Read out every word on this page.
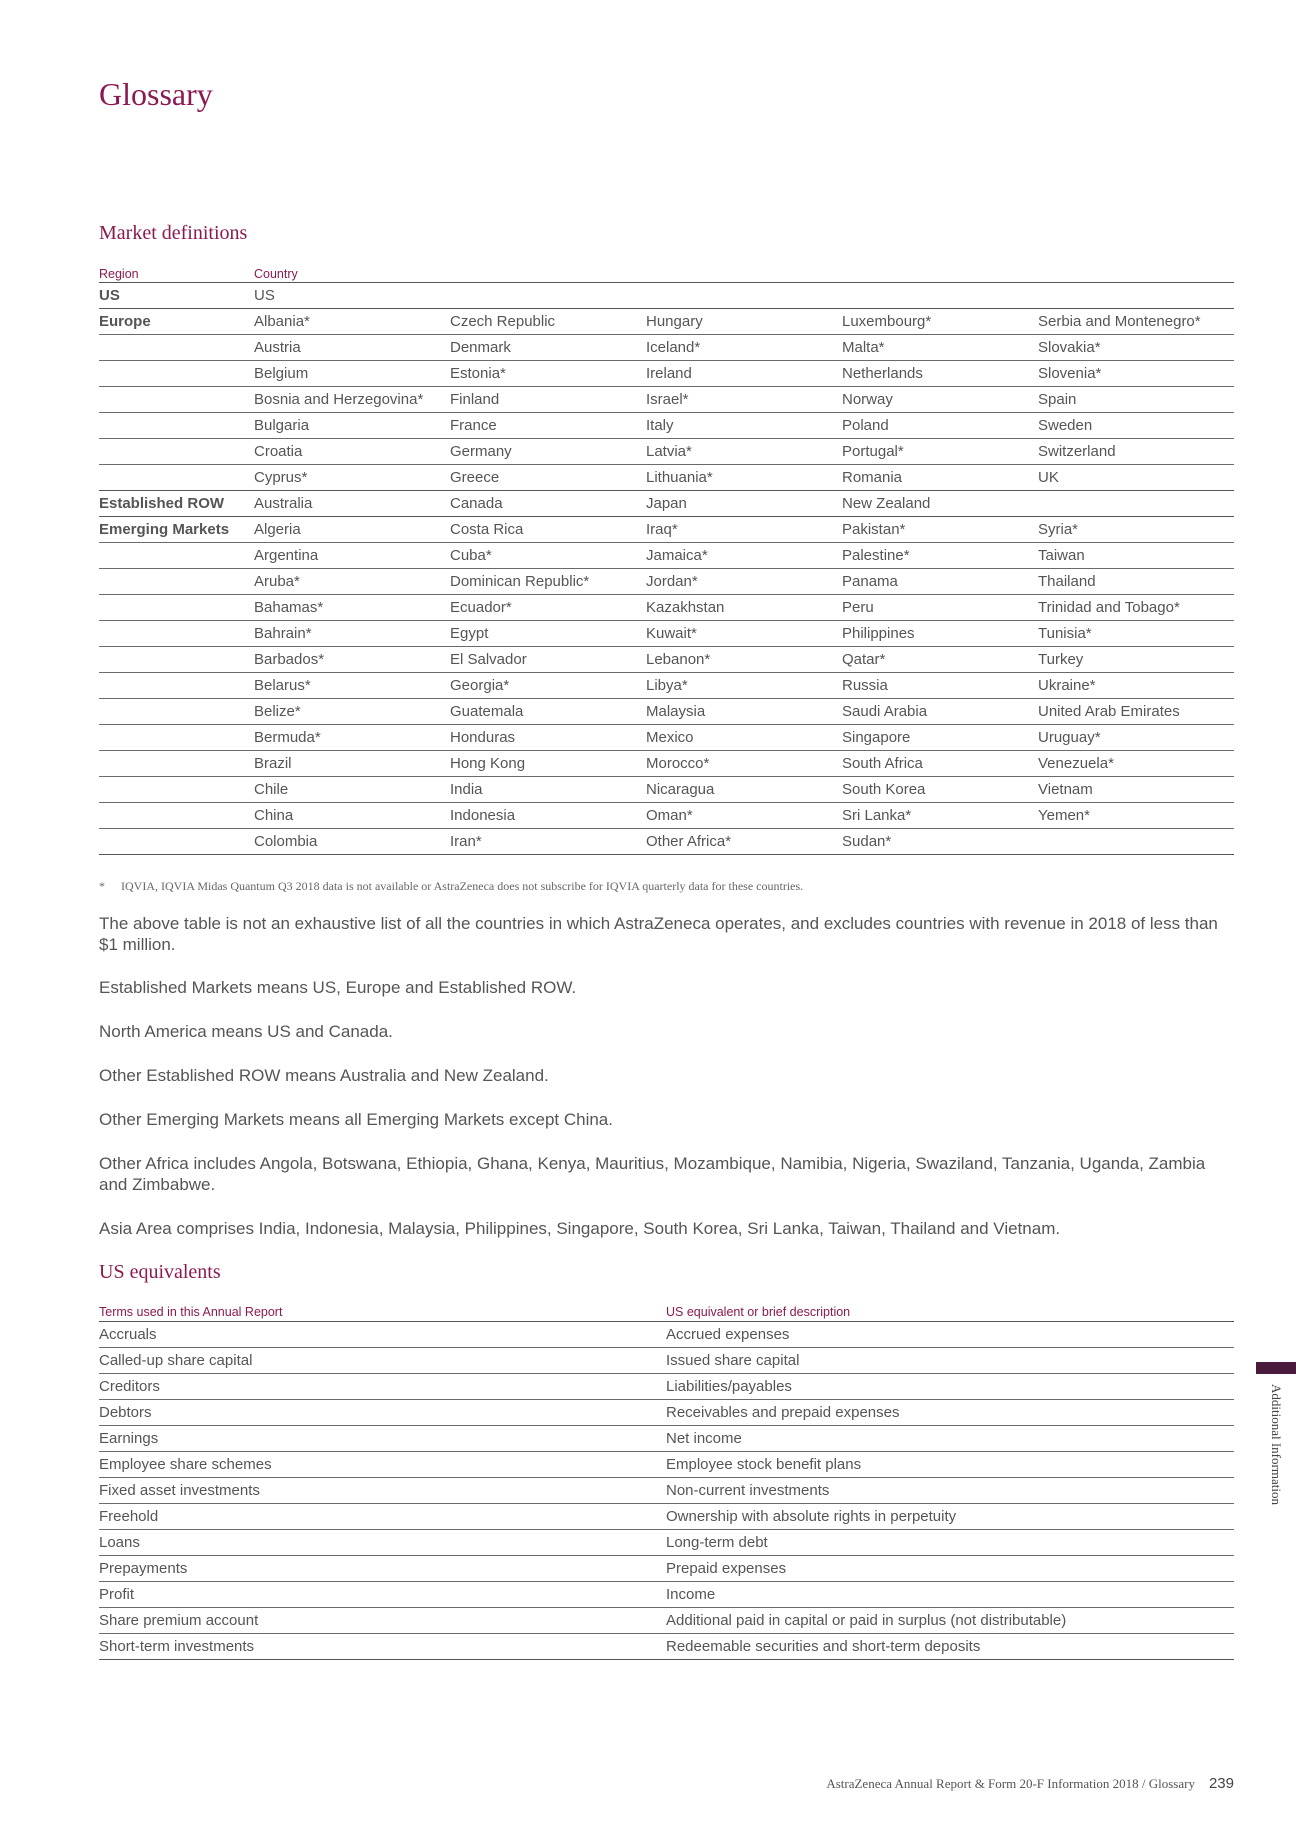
Glossary
Market definitions
Region	Country				
US	US				
Europe	Albania*	Czech Republic	Hungary	Luxembourg*	Serbia and Montenegro*
	Austria	Denmark	Iceland*	Malta*	Slovakia*
	Belgium	Estonia*	Ireland	Netherlands	Slovenia*
	Bosnia and Herzegovina*	Finland	Israel*	Norway	Spain
	Bulgaria	France	Italy	Poland	Sweden
	Croatia	Germany	Latvia*	Portugal*	Switzerland
	Cyprus*	Greece	Lithuania*	Romania	UK
Established ROW	Australia	Canada	Japan	New Zealand	
Emerging Markets	Algeria	Costa Rica	Iraq*	Pakistan*	Syria*
	Argentina	Cuba*	Jamaica*	Palestine*	Taiwan
	Aruba*	Dominican Republic*	Jordan*	Panama	Thailand
	Bahamas*	Ecuador*	Kazakhstan	Peru	Trinidad and Tobago*
	Bahrain*	Egypt	Kuwait*	Philippines	Tunisia*
	Barbados*	El Salvador	Lebanon*	Qatar*	Turkey
	Belarus*	Georgia*	Libya*	Russia	Ukraine*
	Belize*	Guatemala	Malaysia	Saudi Arabia	United Arab Emirates
	Bermuda*	Honduras	Mexico	Singapore	Uruguay*
	Brazil	Hong Kong	Morocco*	South Africa	Venezuela*
	Chile	India	Nicaragua	South Korea	Vietnam
	China	Indonesia	Oman*	Sri Lanka*	Yemen*
	Colombia	Iran*	Other Africa*	Sudan*	
* IQVIA, IQVIA Midas Quantum Q3 2018 data is not available or AstraZeneca does not subscribe for IQVIA quarterly data for these countries.

The above table is not an exhaustive list of all the countries in which AstraZeneca operates, and excludes countries with revenue in 2018 of less than $1 million.

Established Markets means US, Europe and Established ROW.

North America means US and Canada.

Other Established ROW means Australia and New Zealand.

Other Emerging Markets means all Emerging Markets except China.

Other Africa includes Angola, Botswana, Ethiopia, Ghana, Kenya, Mauritius, Mozambique, Namibia, Nigeria, Swaziland, Tanzania, Uganda, Zambia and Zimbabwe.

Asia Area comprises India, Indonesia, Malaysia, Philippines, Singapore, South Korea, Sri Lanka, Taiwan, Thailand and Vietnam.

US equivalents
Terms used in this Annual Report	US equivalent or brief description
Accruals	Accrued expenses
Called-up share capital	Issued share capital
Creditors	Liabilities/payables
Debtors	Receivables and prepaid expenses
Earnings	Net income
Employee share schemes	Employee stock benefit plans
Fixed asset investments	Non-current investments
Freehold	Ownership with absolute rights in perpetuity
Loans	Long-term debt
Prepayments	Prepaid expenses
Profit	Income
Share premium account	Additional paid in capital or paid in surplus (not distributable)
Short-term investments	Redeemable securities and short-term deposits
Additional Information
AstraZeneca Annual Report & Form 20-F Information 2018 / Glossary 239
